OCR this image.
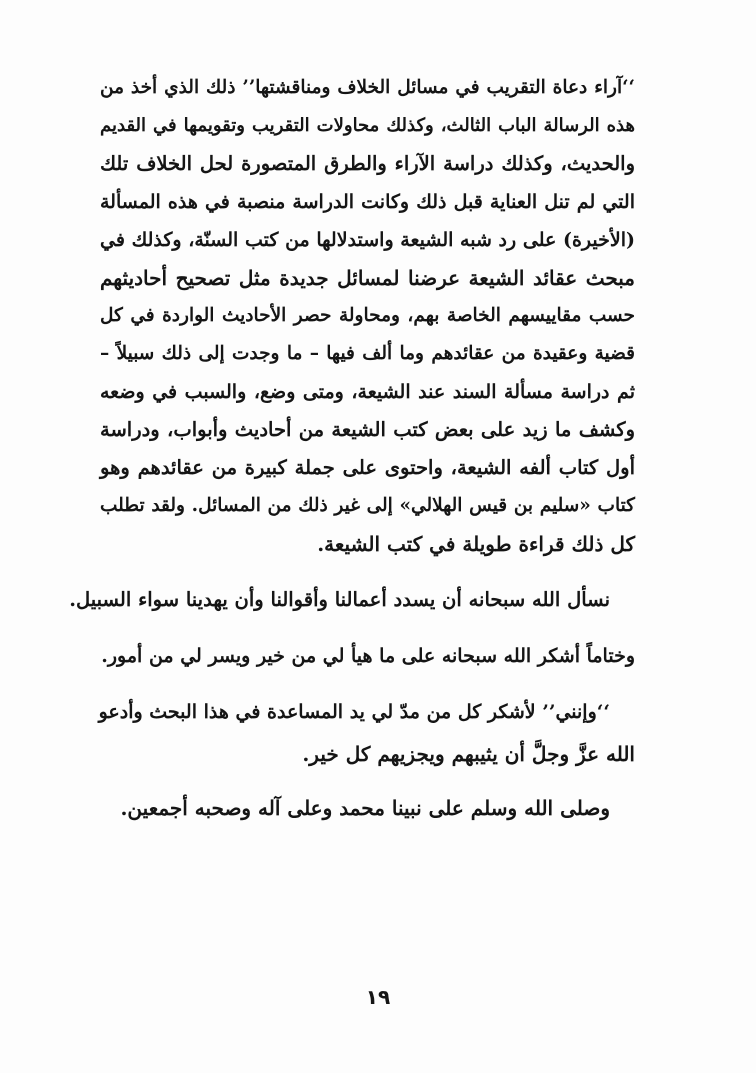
‘‘آراء دعاة التقريب في مسائل الخلاف ومناقشتها’’ ذلك الذي أخذ من
هذه الرسالة الباب الثالث، وكذلك محاولات التقريب وتقويمها في القديم
والحديث، وكذلك دراسة الآراء والطرق المتصورة لحل الخلاف تلك
التي لم تنل العناية قبل ذلك وكانت الدراسة منصبة في هذه المسألة
(الأخيرة) على رد شبه الشيعة واستدلالها من كتب السنّة، وكذلك في
مبحث عقائد الشيعة عرضنا لمسائل جديدة مثل تصحيح أحاديثهم
حسب مقاييسهم الخاصة بهم، ومحاولة حصر الأحاديث الواردة في كل
قضية وعقيدة من عقائدهم وما ألف فيها – ما وجدت إلى ذلك سبيلاً –
ثم دراسة مسألة السند عند الشيعة، ومتى وضع، والسبب في وضعه
وكشف ما زيد على بعض كتب الشيعة من أحاديث وأبواب، ودراسة
أول كتاب ألفه الشيعة، واحتوى على جملة كبيرة من عقائدهم وهو
كتاب «سليم بن قيس الهلالي» إلى غير ذلك من المسائل. ولقد تطلب
كل ذلك قراءة طويلة في كتب الشيعة.
نسأل الله سبحانه أن يسدد أعمالنا وأقوالنا وأن يهدينا سواء السبيل.
وختاماً أشكر الله سبحانه على ما هيأ لي من خير ويسر لي من أمور.
‘‘وإنني’’ لأشكر كل من مدّ لي يد المساعدة في هذا البحث وأدعو
الله عزَّ وجلَّ أن يثيبهم ويجزيهم كل خير.
وصلى الله وسلم على نبينا محمد وعلى آله وصحبه أجمعين.
١٩
